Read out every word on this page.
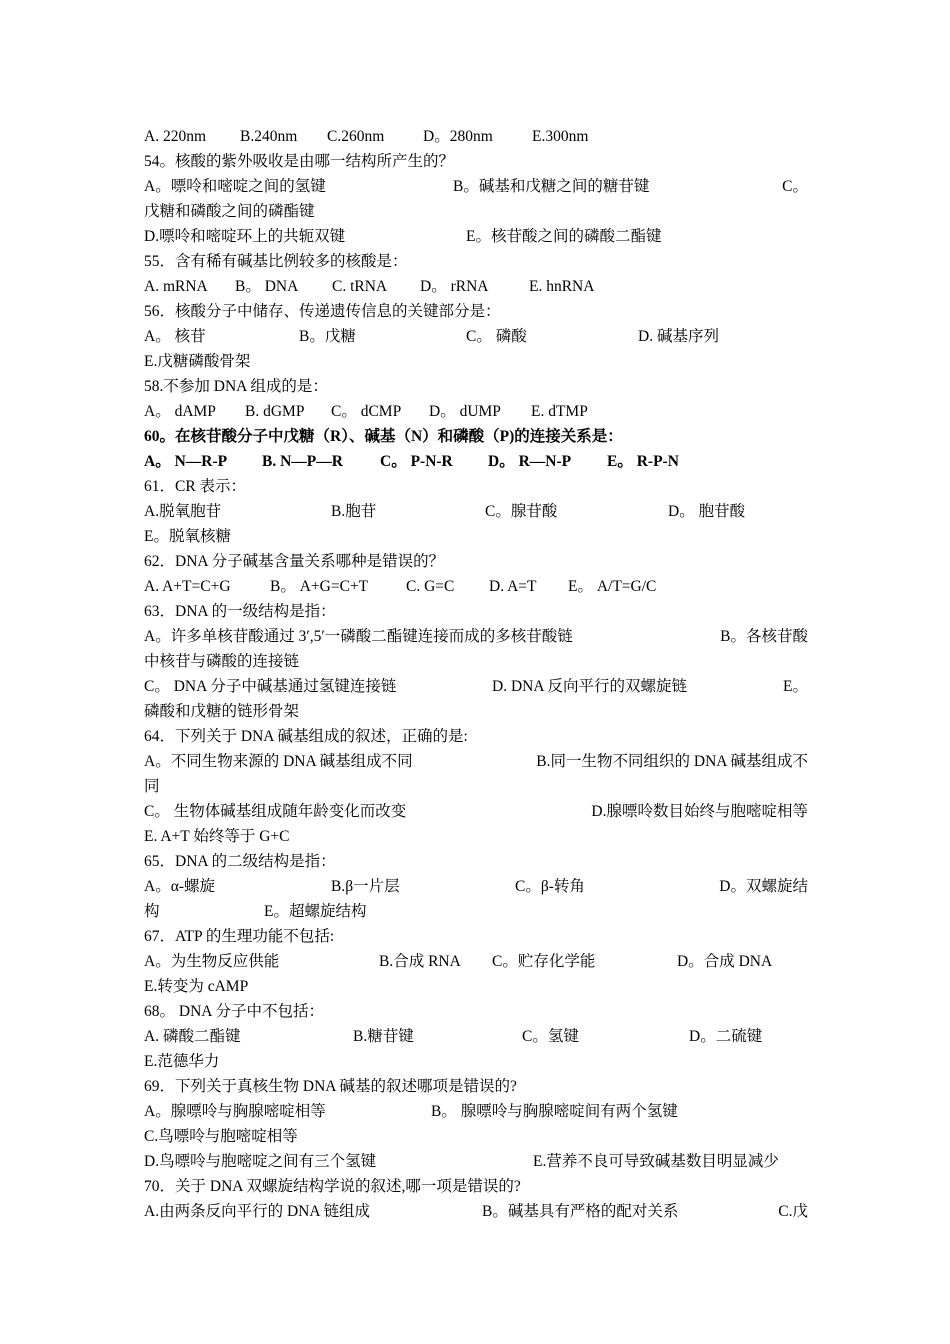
A. 220nm B.240nm C.260nm D。280nm	E.300nm
54。核酸的紫外吸收是由哪一结构所产生的？
A。嘌呤和嘧啶之间的氢键	B。碱基和戊糖之间的糖苷键	C。
戊糖和磷酸之间的磷酯键
D.嘌呤和嘧啶环上的共轭双键	E。核苷酸之间的磷酸二酯键
55．含有稀有碱基比例较多的核酸是：
A. mRNA B。 DNA C. tRNA D。 rRNA	E. hnRNA
56．核酸分子中储存、传递遗传信息的关键部分是：
A。 核苷	B。戊糖	C。 磷酸	D. 碱基序列
E.戊糖磷酸骨架
58.不参加 DNA 组成的是：
A。 dAMP B. dGMP C。 dCMP D。 dUMP E. dTMP
60。在核苷酸分子中戊糖（R）、碱基（N）和磷酸（P)的连接关系是：
A。 N—R-P B. N—P—R C。 P-N-R D。 R—N-P E。 R-P-N
61．CR 表示：
A.脱氧胞苷	B.胞苷	C。腺苷酸	D。 胞苷酸
E。脱氧核糖
62．DNA 分子碱基含量关系哪种是错误的？
A. A+T=C+G	B。 A+G=C+T C. G=C D. A=T E。 A/T=G/C
63．DNA 的一级结构是指：
A。许多单核苷酸通过 3′,5′一磷酸二酯键连接而成的多核苷酸链	B。各核苷酸
中核苷与磷酸的连接链
C。 DNA 分子中碱基通过氢键连接链	D. DNA 反向平行的双螺旋链	E。
磷酸和戊糖的链形骨架
64．下列关于 DNA 碱基组成的叙述，正确的是:
A。不同生物来源的 DNA 碱基组成不同	B.同一生物不同组织的 DNA 碱基组成不
同
C。 生物体碱基组成随年龄变化而改变	D.腺嘌呤数目始终与胞嘧啶相等
E. A+T 始终等于 G+C
65．DNA 的二级结构是指：
A。α-螺旋	B.β一片层	C。β-转角	D。双螺旋结
构	E。超螺旋结构
67．ATP 的生理功能不包括:
A。为生物反应供能	B.合成 RNA C。贮存化学能	D。合成 DNA
E.转变为 cAMP
68。 DNA 分子中不包括：
A. 磷酸二酯键	B.糖苷键	C。氢键	D。二硫键
E.范德华力
69．下列关于真核生物 DNA 碱基的叙述哪项是错误的?
A。腺嘌呤与胸腺嘧啶相等	B。 腺嘌呤与胸腺嘧啶间有两个氢键
C.鸟嘌呤与胞嘧啶相等
D.鸟嘌呤与胞嘧啶之间有三个氢键	E.营养不良可导致碱基数目明显减少
70．关于 DNA 双螺旋结构学说的叙述,哪一项是错误的?
A.由两条反向平行的 DNA 链组成	B。碱基具有严格的配对关系	C.戊
